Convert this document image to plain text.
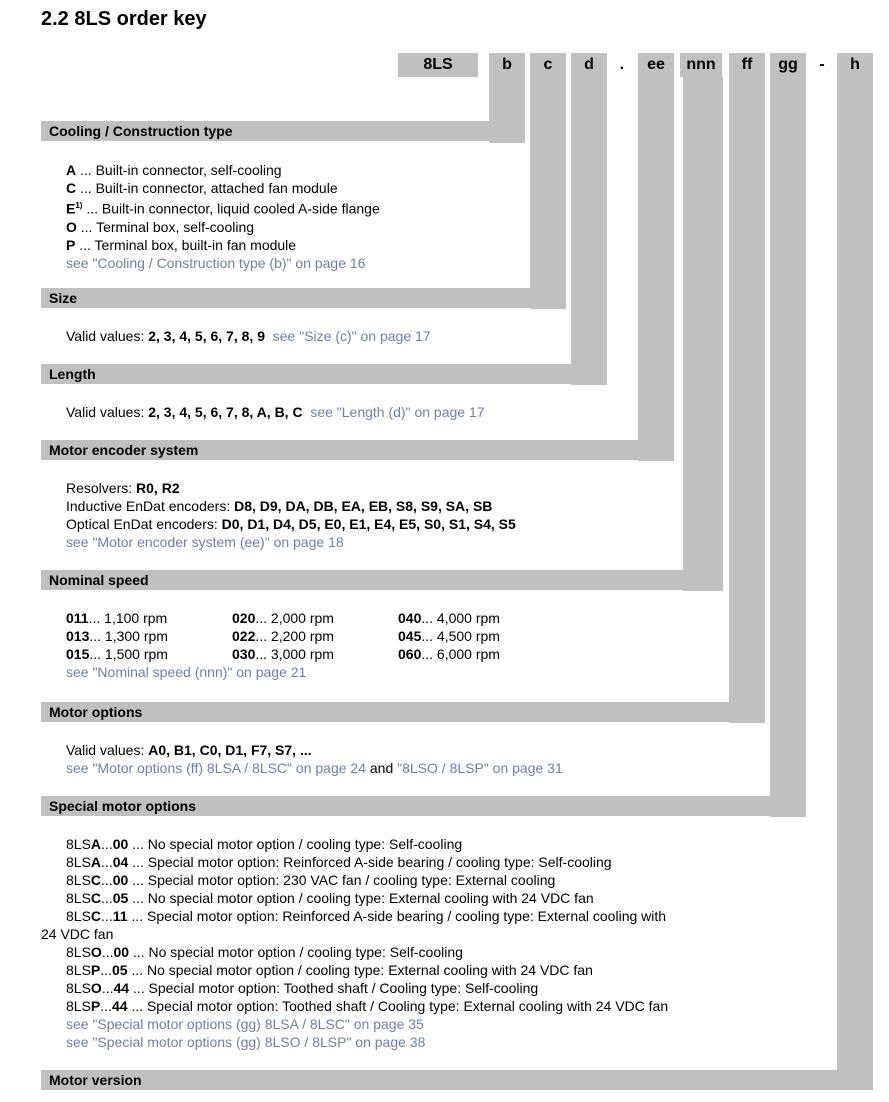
2.2 8LS order key
8LS	b	c	d	.	ee	nnn	ff	gg	-	h
Cooling / Construction type
Size
Length
Motor encoder system
Nominal speed
Motor options
Special motor options
Motor version
A ... Built-in connector, self-cooling
C ... Built-in connector, attached fan module
$E^{1)}$ ... Built-in connector, liquid cooled A-side flange
O ... Terminal box, self-cooling
P ... Terminal box, built-in fan module
see "Cooling / Construction type (b)" on page 16
Valid values: 2, 3, 4, 5, 6, 7, 8, 9 see "Size (c)" on page 17
Valid values: 2, 3, 4, 5, 6, 7, 8, A, B, C see "Length (d)" on page 17
Resolvers: R0, R2
Inductive EnDat encoders: D8, D9, DA, DB, EA, EB, S8, S9, SA, SB
Optical EnDat encoders: D0, D1, D4, D5, E0, E1, E4, E5, S0, S1, S4, S5
see "Motor encoder system (ee)" on page 18
011... 1,100 rpm	020... 2,000 rpm	040... 4,000 rpm
013... 1,300 rpm	022... 2,200 rpm	045... 4,500 rpm
015... 1,500 rpm	030... 3,000 rpm	060... 6,000 rpm
see "Nominal speed (nnn)" on page 21
Valid values: A0, B1, C0, D1, F7, S7, ...
see "Motor options (ff) 8LSA / 8LSC" on page 24 and "8LSO / 8LSP" on page 31
8LSA...00 ... No special motor option / cooling type: Self-cooling
8LSA...04 ... Special motor option: Reinforced A-side bearing / cooling type: Self-cooling
8LSC...00 ... Special motor option: 230 VAC fan / cooling type: External cooling
8LSC...05 ... No special motor option / cooling type: External cooling with 24 VDC fan
8LSC...11 ... Special motor option: Reinforced A-side bearing / cooling type: External cooling with
24 VDC fan
8LSO...00 ... No special motor option / cooling type: Self-cooling
8LSP...05 ... No special motor option / cooling type: External cooling with 24 VDC fan
8LSO...44 ... Special motor option: Toothed shaft / Cooling type: Self-cooling
8LSP...44 ... Special motor option: Toothed shaft / Cooling type: External cooling with 24 VDC fan
see "Special motor options (gg) 8LSA / 8LSC" on page 35
see "Special motor options (gg) 8LSO / 8LSP" on page 38
